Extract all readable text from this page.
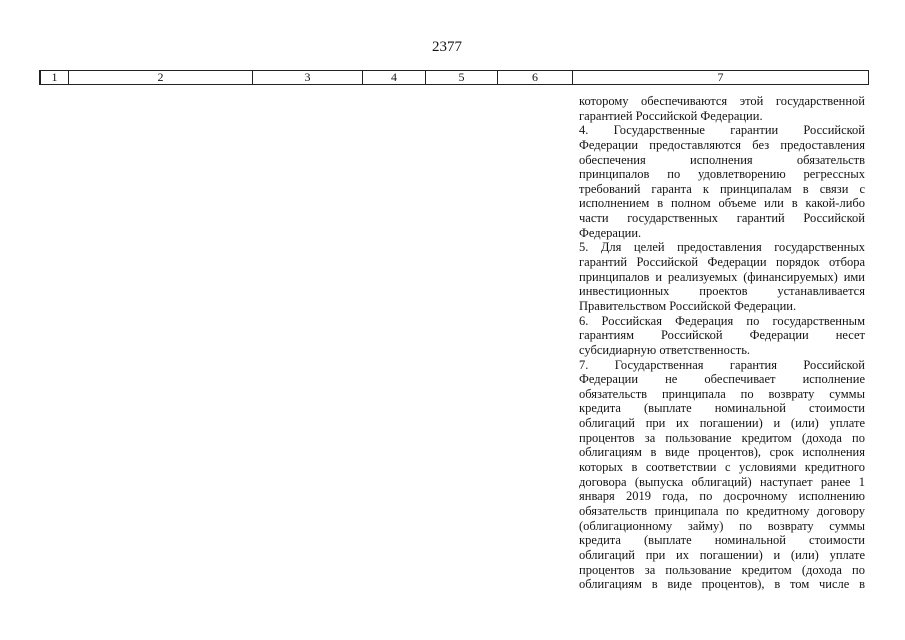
2377
1	2	3	4	5	6	7
которому обеспечиваются этой государственной
гарантией Российской Федерации.
4. Государственные гарантии Российской
Федерации предоставляются без предоставления
обеспечения исполнения обязательств
принципалов по удовлетворению регрессных
требований гаранта к принципалам в связи с
исполнением в полном объеме или в какой-либо
части государственных гарантий Российской
Федерации.
5. Для целей предоставления государственных
гарантий Российской Федерации порядок отбора
принципалов и реализуемых (финансируемых) ими
инвестиционных проектов устанавливается
Правительством Российской Федерации.
6. Российская Федерация по государственным
гарантиям Российской Федерации несет
субсидиарную ответственность.
7. Государственная гарантия Российской
Федерации не обеспечивает исполнение
обязательств принципала по возврату суммы
кредита (выплате номинальной стоимости
облигаций при их погашении) и (или) уплате
процентов за пользование кредитом (дохода по
облигациям в виде процентов), срок исполнения
которых в соответствии с условиями кредитного
договора (выпуска облигаций) наступает ранее 1
января 2019 года, по досрочному исполнению
обязательств принципала по кредитному договору
(облигационному займу) по возврату суммы
кредита (выплате номинальной стоимости
облигаций при их погашении) и (или) уплате
процентов за пользование кредитом (дохода по
облигациям в виде процентов), в том числе в
